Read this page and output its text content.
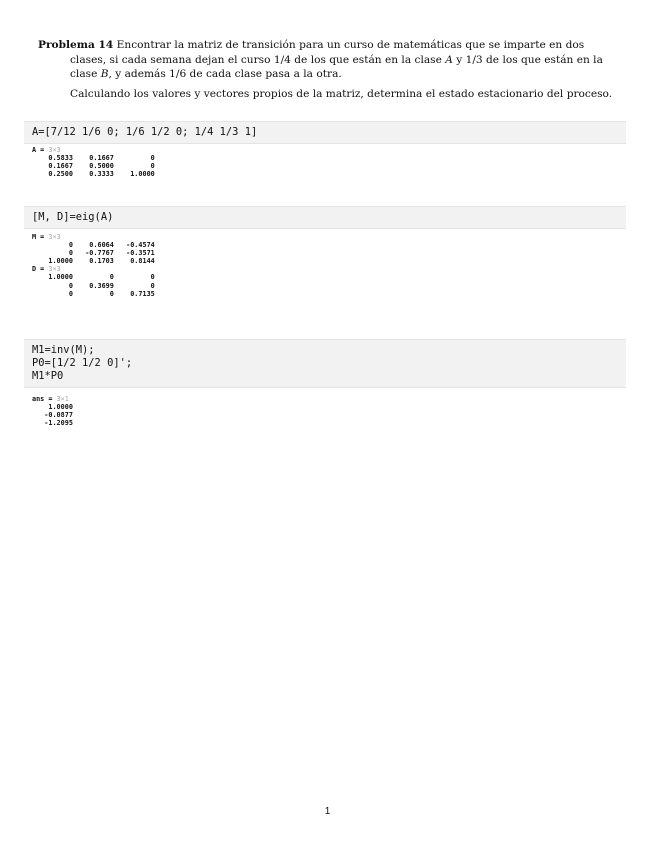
Problema 14 Encontrar la matriz de transición para un curso de matemáticas que se imparte en dos clases, si cada semana dejan el curso 1/4 de los que están en la clase A y 1/3 de los que están en la clase B, y además 1/6 de cada clase pasa a la otra.

Calculando los valores y vectores propios de la matriz, determina el estado estacionario del proceso.

A=[7/12 1/6 0; 1/6 1/2 0; 1/4 1/3 1]
A = 3×3
0.5833    0.1667         0
0.1667    0.5000         0
0.2500    0.3333    1.0000
[M, D]=eig(A)
M = 3×3
0    0.6064   -0.4574
0   -0.7767   -0.3571
1.0000    0.1703    0.8144
D = 3×3
1.0000         0         0
0    0.3699         0
0         0    0.7135
M1=inv(M);
P0=[1/2 1/2 0]';
M1*P0
ans = 3×1
1.0000
-0.0877
-1.2095
1
